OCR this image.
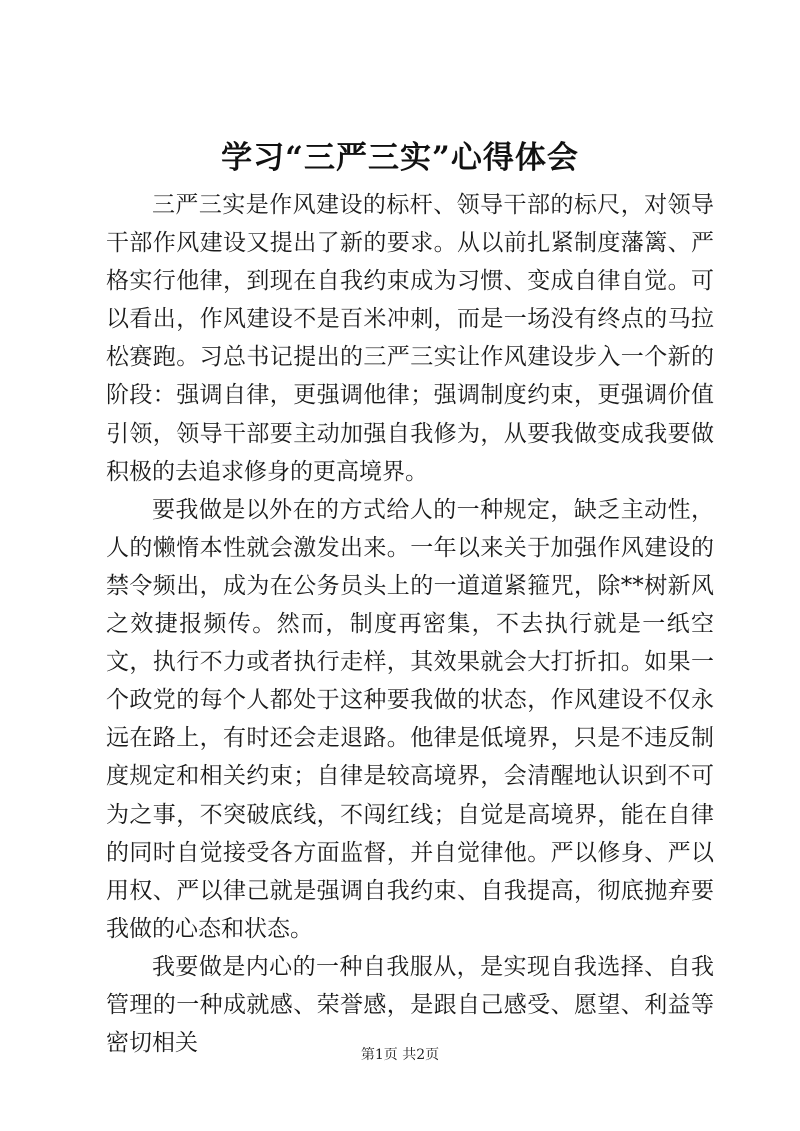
学习“三严三实”心得体会

三严三实是作风建设的标杆、领导干部的标尺，对领导干部作风建设又提出了新的要求。从以前扎紧制度藩篱、严格实行他律，到现在自我约束成为习惯、变成自律自觉。可以看出，作风建设不是百米冲刺，而是一场没有终点的马拉松赛跑。习总书记提出的三严三实让作风建设步入一个新的阶段：强调自律，更强调他律；强调制度约束，更强调价值引领，领导干部要主动加强自我修为，从要我做变成我要做积极的去追求修身的更高境界。

要我做是以外在的方式给人的一种规定，缺乏主动性，人的懒惰本性就会激发出来。一年以来关于加强作风建设的禁令频出，成为在公务员头上的一道道紧箍咒，除**树新风之效捷报频传。然而，制度再密集，不去执行就是一纸空文，执行不力或者执行走样，其效果就会大打折扣。如果一个政党的每个人都处于这种要我做的状态，作风建设不仅永远在路上，有时还会走退路。他律是低境界，只是不违反制度规定和相关约束；自律是较高境界，会清醒地认识到不可为之事，不突破底线，不闯红线；自觉是高境界，能在自律的同时自觉接受各方面监督，并自觉律他。严以修身、严以用权、严以律己就是强调自我约束、自我提高，彻底抛弃要我做的心态和状态。

我要做是内心的一种自我服从，是实现自我选择、自我管理的一种成就感、荣誉感，是跟自己感受、愿望、利益等密切相关	第1页 共2页
